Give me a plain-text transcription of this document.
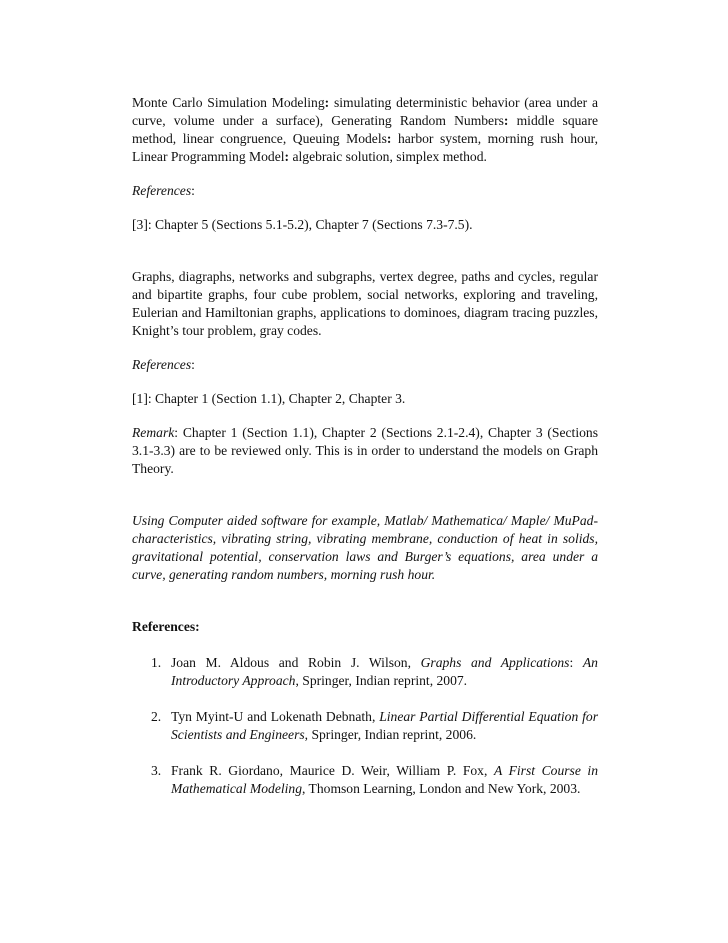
Monte Carlo Simulation Modeling: simulating deterministic behavior (area under a curve, volume under a surface), Generating Random Numbers: middle square method, linear congruence, Queuing Models: harbor system, morning rush hour, Linear Programming Model: algebraic solution, simplex method.

References:

[3]: Chapter 5 (Sections 5.1-5.2), Chapter 7 (Sections 7.3-7.5).

Graphs, diagraphs, networks and subgraphs, vertex degree, paths and cycles, regular and bipartite graphs, four cube problem, social networks, exploring and traveling, Eulerian and Hamiltonian graphs, applications to dominoes, diagram tracing puzzles, Knight’s tour problem, gray codes.

References:

[1]: Chapter 1 (Section 1.1), Chapter 2, Chapter 3.

Remark: Chapter 1 (Section 1.1), Chapter 2 (Sections 2.1-2.4), Chapter 3 (Sections 3.1-3.3) are to be reviewed only. This is in order to understand the models on Graph Theory.

Using Computer aided software for example, Matlab/ Mathematica/ Maple/ MuPad- characteristics, vibrating string, vibrating membrane, conduction of heat in solids, gravitational potential, conservation laws and Burger’s equations, area under a curve, generating random numbers, morning rush hour.

References:
1. Joan M. Aldous and Robin J. Wilson, Graphs and Applications: An Introductory Approach, Springer, Indian reprint, 2007.
2. Tyn Myint-U and Lokenath Debnath, Linear Partial Differential Equation for Scientists and Engineers, Springer, Indian reprint, 2006.
3. Frank R. Giordano, Maurice D. Weir, William P. Fox, A First Course in Mathematical Modeling, Thomson Learning, London and New York, 2003.
